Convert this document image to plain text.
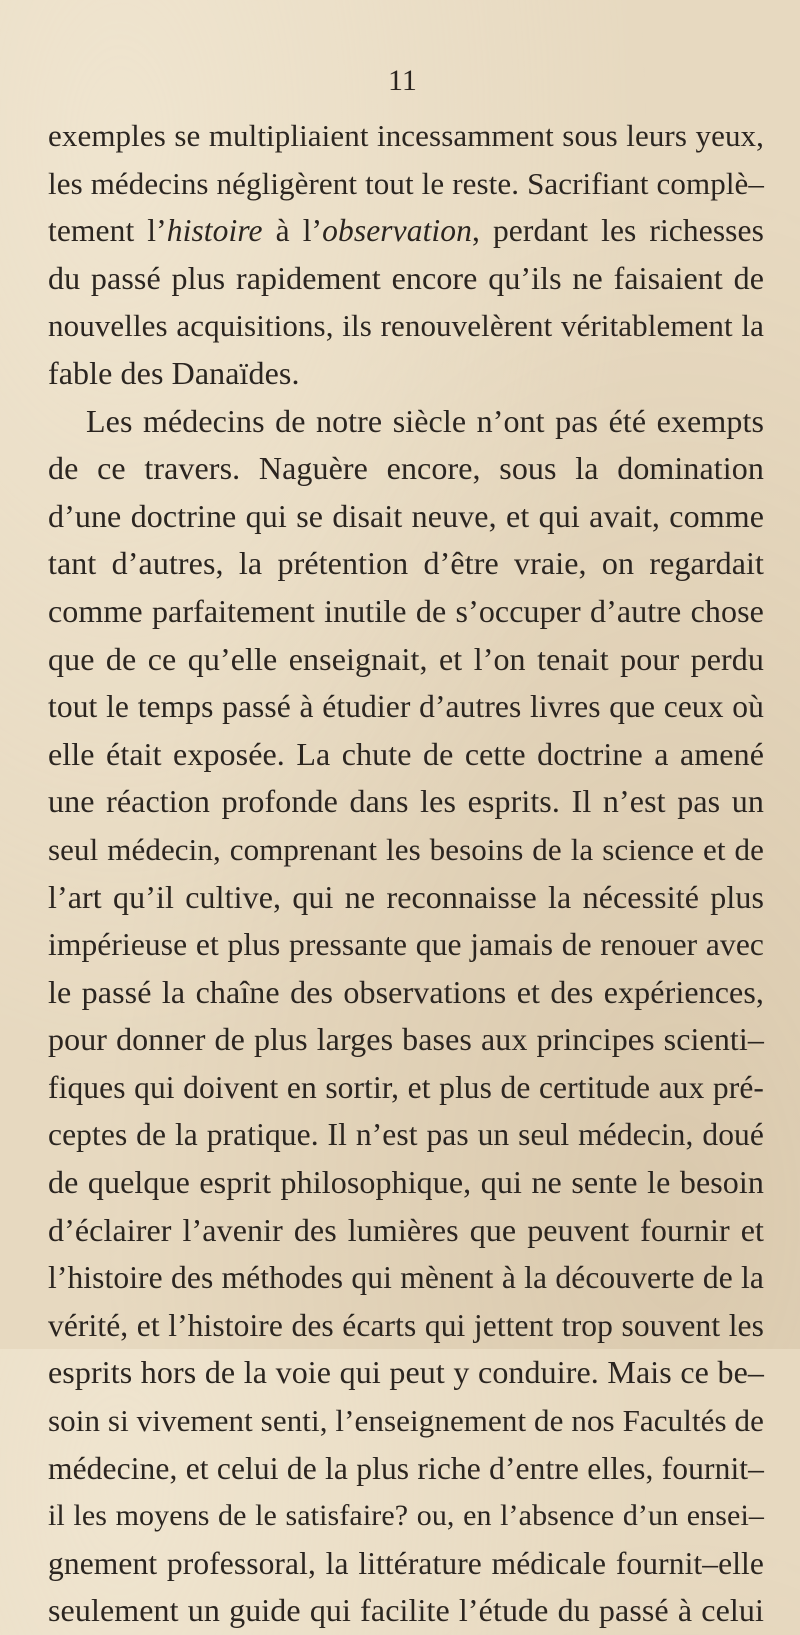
11
exemples se multipliaient incessamment sous leurs yeux,
les médecins négligèrent tout le reste. Sacrifiant complè–
tement l’histoire à l’observation, perdant les richesses
du passé plus rapidement encore qu’ils ne faisaient de
nouvelles acquisitions, ils renouvelèrent véritablement la
fable des Danaïdes.
Les médecins de notre siècle n’ont pas été exempts
de ce travers. Naguère encore, sous la domination
d’une doctrine qui se disait neuve, et qui avait, comme
tant d’autres, la prétention d’être vraie, on regardait
comme parfaitement inutile de s’occuper d’autre chose
que de ce qu’elle enseignait, et l’on tenait pour perdu
tout le temps passé à étudier d’autres livres que ceux où
elle était exposée. La chute de cette doctrine a amené
une réaction profonde dans les esprits. Il n’est pas un
seul médecin, comprenant les besoins de la science et de
l’art qu’il cultive, qui ne reconnaisse la nécessité plus
impérieuse et plus pressante que jamais de renouer avec
le passé la chaîne des observations et des expériences,
pour donner de plus larges bases aux principes scienti–
fiques qui doivent en sortir, et plus de certitude aux pré-
ceptes de la pratique. Il n’est pas un seul médecin, doué
de quelque esprit philosophique, qui ne sente le besoin
d’éclairer l’avenir des lumières que peuvent fournir et
l’histoire des méthodes qui mènent à la découverte de la
vérité, et l’histoire des écarts qui jettent trop souvent les
esprits hors de la voie qui peut y conduire. Mais ce be–
soin si vivement senti, l’enseignement de nos Facultés de
médecine, et celui de la plus riche d’entre elles, fournit–
il les moyens de le satisfaire? ou, en l’absence d’un ensei–
gnement professoral, la littérature médicale fournit–elle
seulement un guide qui facilite l’étude du passé à celui
